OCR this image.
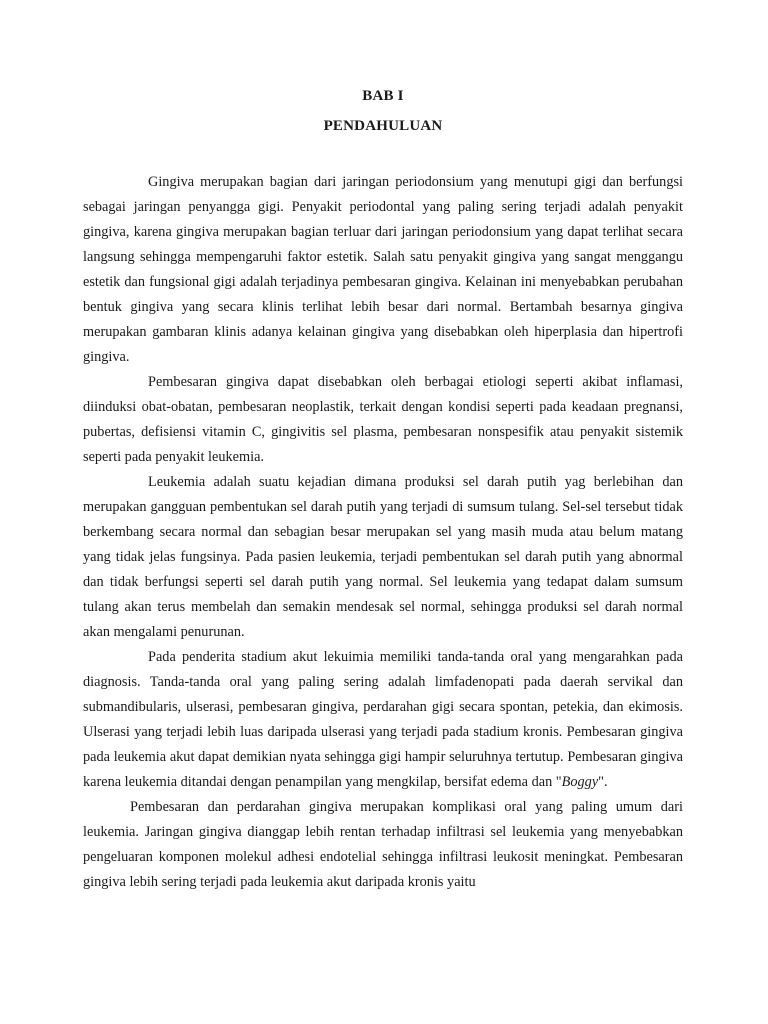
BAB I
PENDAHULUAN

Gingiva merupakan bagian dari jaringan periodonsium yang menutupi gigi dan berfungsi sebagai jaringan penyangga gigi. Penyakit periodontal yang paling sering terjadi adalah penyakit gingiva, karena gingiva merupakan bagian terluar dari jaringan periodonsium yang dapat terlihat secara langsung sehingga mempengaruhi faktor estetik. Salah satu penyakit gingiva yang sangat menggangu estetik dan fungsional gigi adalah terjadinya pembesaran gingiva. Kelainan ini menyebabkan perubahan bentuk gingiva yang secara klinis terlihat lebih besar dari normal. Bertambah besarnya gingiva merupakan gambaran klinis adanya kelainan gingiva yang disebabkan oleh hiperplasia dan hipertrofi gingiva.

Pembesaran gingiva dapat disebabkan oleh berbagai etiologi seperti akibat inflamasi, diinduksi obat-obatan, pembesaran neoplastik, terkait dengan kondisi seperti pada keadaan pregnansi, pubertas, defisiensi vitamin C, gingivitis sel plasma, pembesaran nonspesifik atau penyakit sistemik seperti pada penyakit leukemia.

Leukemia adalah suatu kejadian dimana produksi sel darah putih yag berlebihan dan merupakan gangguan pembentukan sel darah putih yang terjadi di sumsum tulang. Sel-sel tersebut tidak berkembang secara normal dan sebagian besar merupakan sel yang masih muda atau belum matang yang tidak jelas fungsinya. Pada pasien leukemia, terjadi pembentukan sel darah putih yang abnormal dan tidak berfungsi seperti sel darah putih yang normal. Sel leukemia yang tedapat dalam sumsum tulang akan terus membelah dan semakin mendesak sel normal, sehingga produksi sel darah normal akan mengalami penurunan.

Pada penderita stadium akut lekuimia memiliki tanda-tanda oral yang mengarahkan pada diagnosis. Tanda-tanda oral yang paling sering adalah limfadenopati pada daerah servikal dan submandibularis, ulserasi, pembesaran gingiva, perdarahan gigi secara spontan, petekia, dan ekimosis. Ulserasi yang terjadi lebih luas daripada ulserasi yang terjadi pada stadium kronis. Pembesaran gingiva pada leukemia akut dapat demikian nyata sehingga gigi hampir seluruhnya tertutup. Pembesaran gingiva karena leukemia ditandai dengan penampilan yang mengkilap, bersifat edema dan "Boggy".

Pembesaran dan perdarahan gingiva merupakan komplikasi oral yang paling umum dari leukemia. Jaringan gingiva dianggap lebih rentan terhadap infiltrasi sel leukemia yang menyebabkan pengeluaran komponen molekul adhesi endotelial sehingga infiltrasi leukosit meningkat. Pembesaran gingiva lebih sering terjadi pada leukemia akut daripada kronis yaitu
